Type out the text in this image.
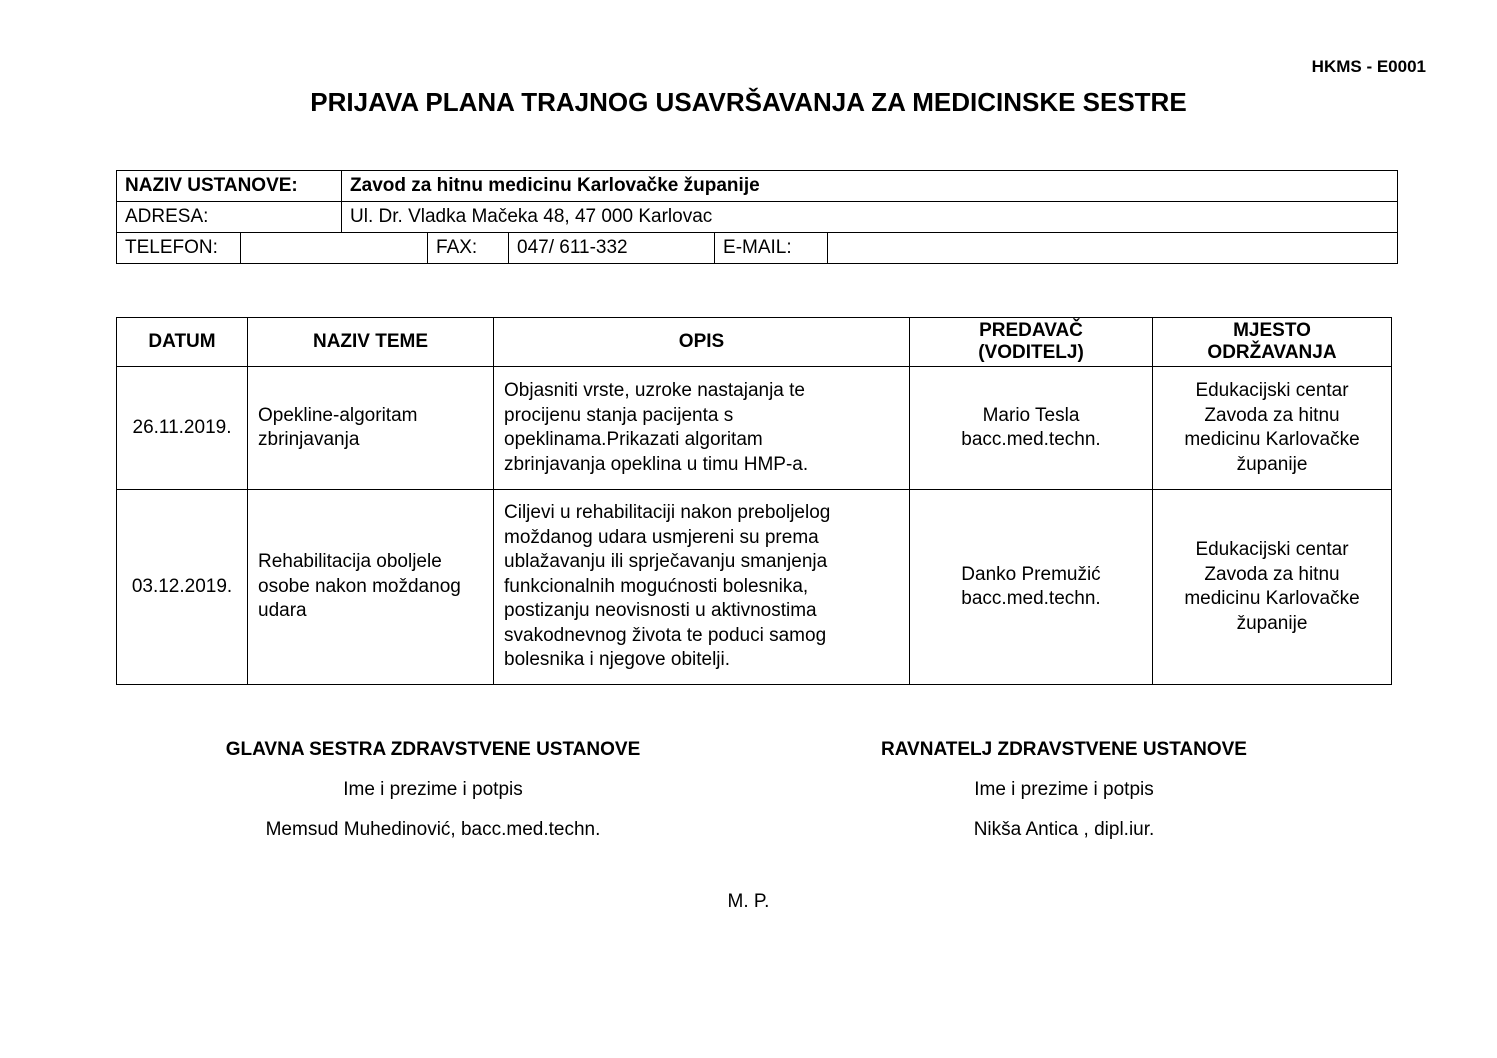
HKMS - E0001
PRIJAVA PLANA TRAJNOG USAVRŠAVANJA ZA MEDICINSKE SESTRE
NAZIV USTANOVE:		Zavod za hitnu medicinu Karlovačke županije				
ADRESA:		Ul. Dr. Vladka Mačeka 48, 47 000 Karlovac				
TELEFON:			FAX:	047/ 611-332	E-MAIL:	
DATUM	NAZIV TEME	OPIS	PREDAVAČ (VODITELJ)	MJESTO ODRŽAVANJA

26.11.2019.	Opekline-algoritam zbrinjavanja	Objasniti vrste, uzroke nastajanja te procijenu stanja pacijenta s opeklinama.Prikazati algoritam zbrinjavanja opeklina u timu HMP-a.	Mario Tesla bacc.med.techn.	Edukacijski centar Zavoda za hitnu medicinu Karlovačke županije

03.12.2019.	Rehabilitacija oboljele osobe nakon moždanog udara	Ciljevi u rehabilitaciji nakon preboljelog moždanog udara usmjereni su prema ublažavanju ili sprječavanju smanjenja funkcionalnih mogućnosti bolesnika, postizanju neovisnosti u aktivnostima svakodnevnog života te poduci samog bolesnika i njegove obitelji.	Danko Premužić bacc.med.techn.	Edukacijski centar Zavoda za hitnu medicinu Karlovačke županije
GLAVNA SESTRA ZDRAVSTVENE USTANOVE
Ime i prezime i potpis
Memsud Muhedinović, bacc.med.techn.
RAVNATELJ ZDRAVSTVENE USTANOVE
Ime i prezime i potpis
Nikša Antica , dipl.iur.
M. P.
